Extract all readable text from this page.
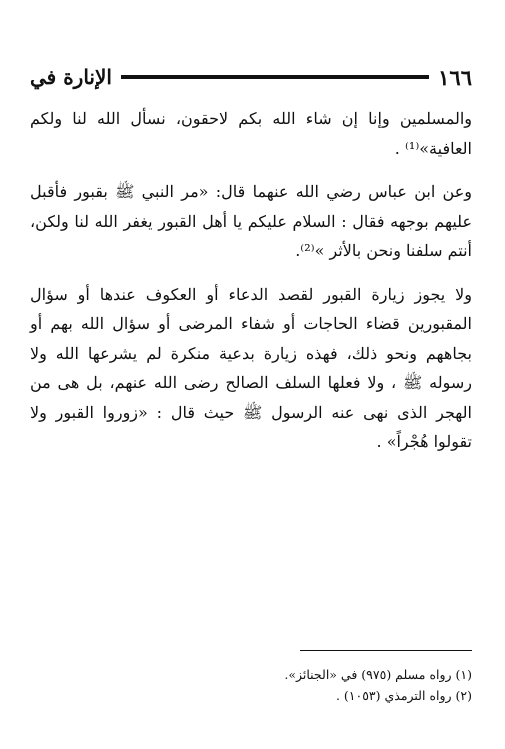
١٦٦
الإنارة في

والمسلمين وإنا إن شاء الله بكم لاحقون، نسأل الله لنا ولكم العافية»⁽¹⁾ .

وعن ابن عباس رضي الله عنهما قال: «مر النبي ﷺ بقبور فأقبل عليهم بوجهه فقال : السلام عليكم يا أهل القبور يغفر الله لنا ولكن، أنتم سلفنا ونحن بالأثر »⁽²⁾.

ولا يجوز زيارة القبور لقصد الدعاء أو العكوف عندها أو سؤال المقبورين قضاء الحاجات أو شفاء المرضى أو سؤال الله بهم أو بجاههم ونحو ذلك، فهذه زيارة بدعية منكرة لم يشرعها الله ولا رسوله ﷺ ، ولا فعلها السلف الصالح رضى الله عنهم، بل هى من الهجر الذى نهى عنه الرسول ﷺ حيث قال : «زوروا القبور ولا تقولوا هُجْراً» .

(١) رواه مسلم (٩٧٥) في «الجنائز».
(٢) رواه الترمذي (١٠٥٣) .
